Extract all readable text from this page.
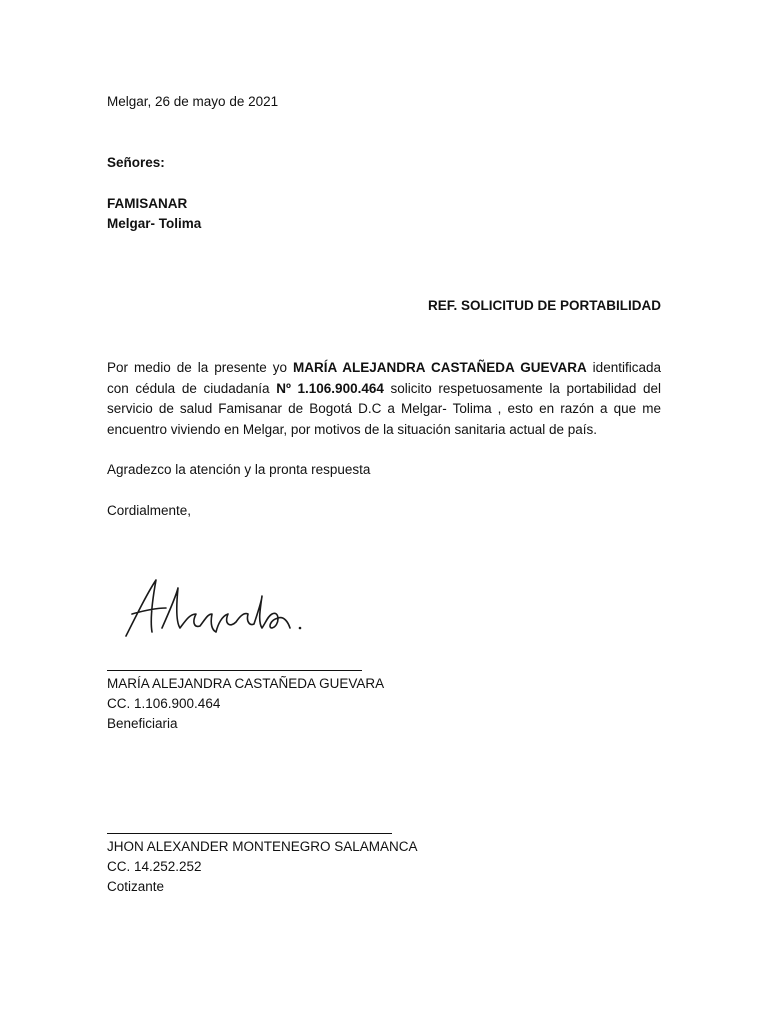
Melgar, 26 de mayo de 2021

Señores:

FAMISANAR

Melgar- Tolima

REF. SOLICITUD DE PORTABILIDAD

Por medio de la presente yo MARÍA ALEJANDRA CASTAÑEDA GUEVARA identificada con cédula de ciudadanía Nº 1.106.900.464 solicito respetuosamente la portabilidad del servicio de salud Famisanar de Bogotá D.C a Melgar- Tolima , esto en razón a que me encuentro viviendo en Melgar, por motivos de la situación sanitaria actual de país.

Agradezco la atención y la pronta respuesta

Cordialmente,

MARÍA ALEJANDRA CASTAÑEDA GUEVARA

CC. 1.106.900.464

Beneficiaria

JHON ALEXANDER MONTENEGRO SALAMANCA

CC. 14.252.252

Cotizante
